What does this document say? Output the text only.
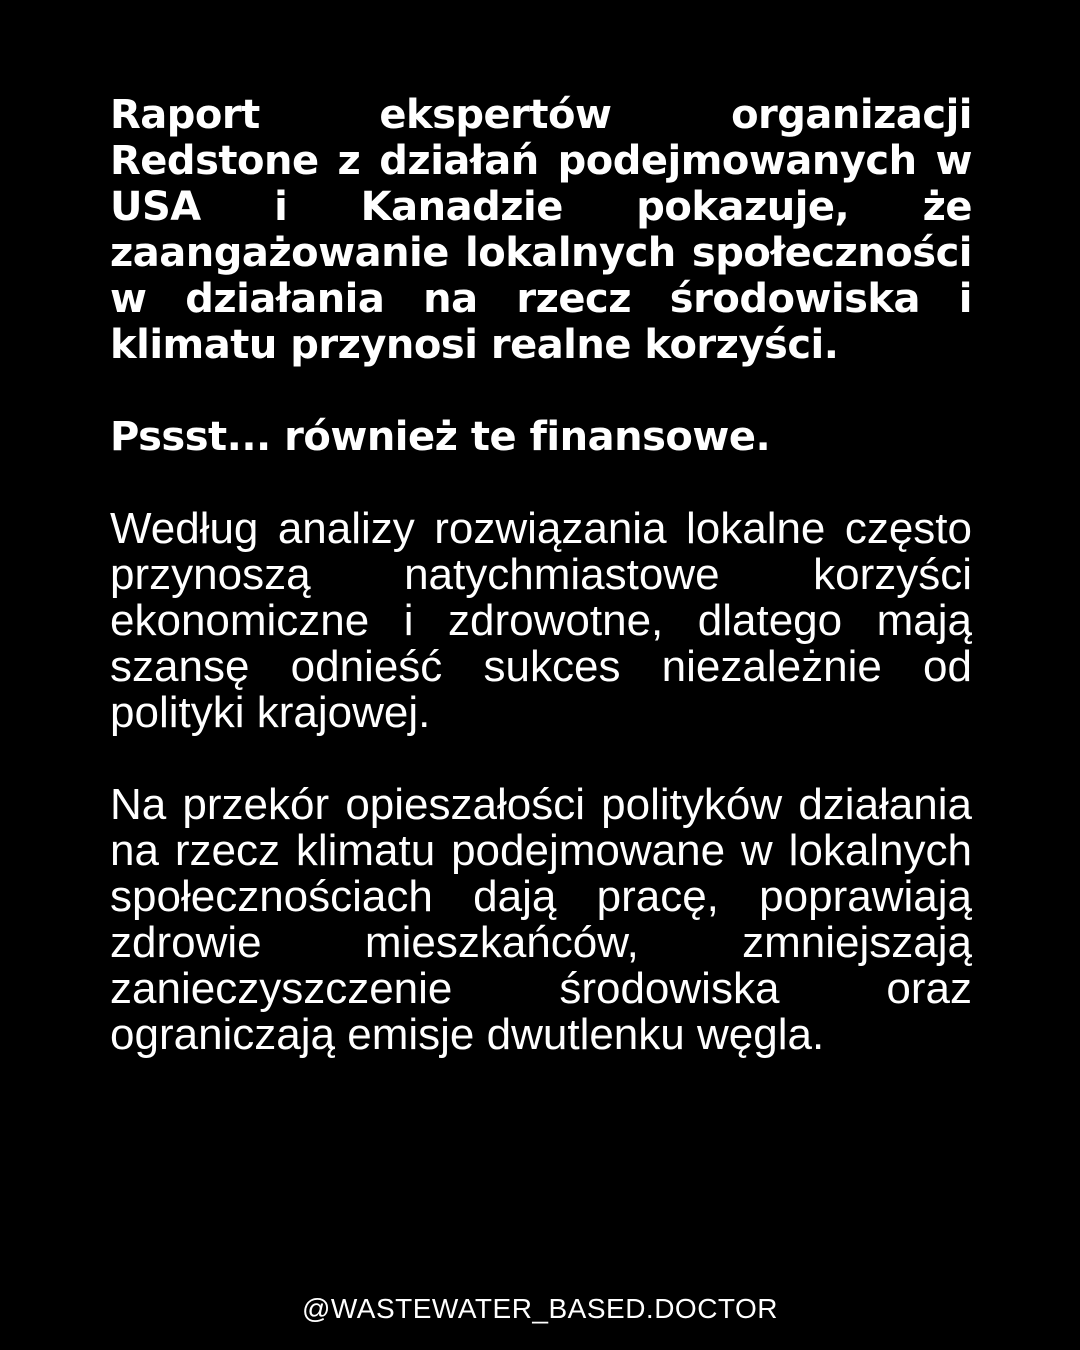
Raport ekspertów organizacji Redstone z działań podejmowanych w USA i Kanadzie pokazuje, że zaangażowanie lokalnych społeczności w działania na rzecz środowiska i klimatu przynosi realne korzyści.

Pssst... również te finansowe.

Według analizy rozwiązania lokalne często przynoszą natychmiastowe korzyści ekonomiczne i zdrowotne, dlatego mają szansę odnieść sukces niezależnie od polityki krajowej.

Na przekór opieszałości polityków działania na rzecz klimatu podejmowane w lokalnych społecznościach dają pracę, poprawiają zdrowie mieszkańców, zmniejszają zanieczyszczenie środowiska oraz ograniczają emisje dwutlenku węgla.

@WASTEWATER_BASED.DOCTOR
